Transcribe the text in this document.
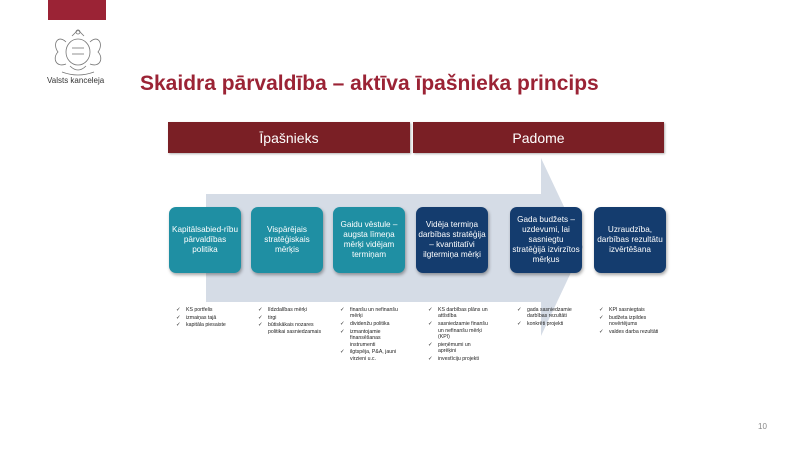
Valsts kanceleja Skaidra pārvaldība – aktīva īpašnieka princips
Īpašnieks	Padome
Kapitālsabied-rību pārvaldības politika
Vispārējais stratēģiskais mērķis
Gaidu vēstule – augsta līmeņa mērķi vidējam termiņam
Vidēja termiņa darbības stratēģija – kvantitatīvi ilgtermiņa mērķi
Gada budžets – uzdevumi, lai sasniegtu stratēģijā izvirzītos mērķus
Uzraudzība, darbības rezultātu izvērtēšana
✓ KS portfelis
✓ izmaiņas tajā
✓ kapitāla piesaiste
✓ līdzdalības mērķi
✓ tirgi
✓ būtiskākais nozares politikai sasniedzamais
✓ finanšu un nefinanšu mērķi
✓ dividenžu politika
✓ izmantojamie finansēšanas instrumenti
✓ ilgtspēja, P&A, jauni virzieni u.c.
✓ KS darbības plāns un attīstība
✓ sasniedzamie finanšu un nefinanšu mērķi (KPI)
✓ pieņēmumi un aprēķini
✓ investīciju projekti
✓ gada sasniedzamie darbības rezultāti
✓ konkrēti projekti
✓ KPI sasniegtais
✓ budžeta izpildes novērtējums
✓ valdes darba rezultāti
10
